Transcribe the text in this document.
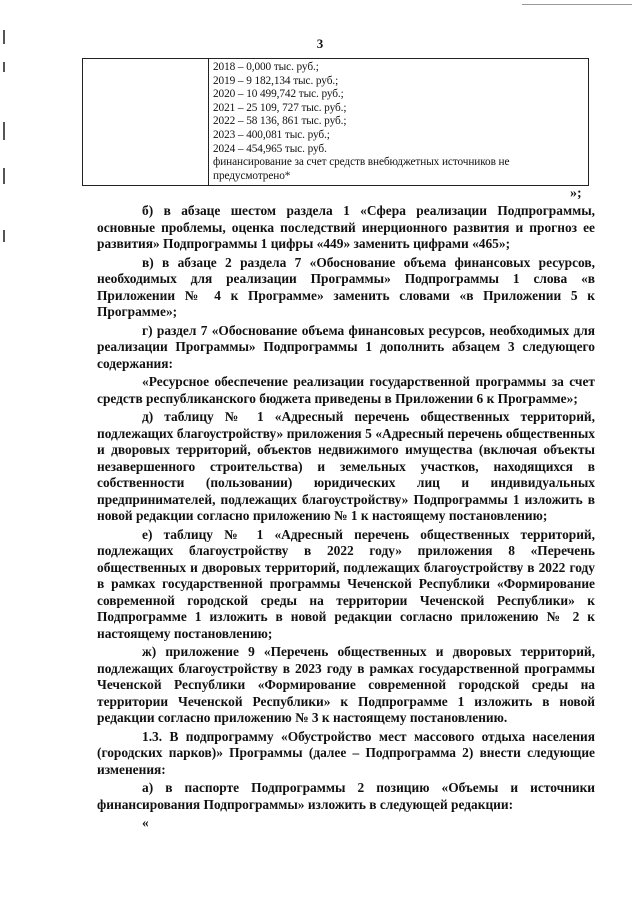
3
2018 – 0,000 тыс. руб.;
2019 – 9 182,134 тыс. руб.;
2020 – 10 499,742 тыс. руб.;
2021 – 25 109, 727 тыс. руб.;
2022 – 58 136, 861 тыс. руб.;
2023 – 400,081 тыс. руб.;
2024 – 454,965 тыс. руб.
финансирование за счет средств внебюджетных источников не
предусмотрено*
»;

б) в абзаце шестом раздела 1 «Сфера реализации Подпрограммы, основные проблемы, оценка последствий инерционного развития и прогноз ее развития» Подпрограммы 1 цифры «449» заменить цифрами «465»;

в) в абзаце 2 раздела 7 «Обоснование объема финансовых ресурсов, необходимых для реализации Программы» Подпрограммы 1 слова «в Приложении № 4 к Программе» заменить словами «в Приложении 5 к Программе»;

г) раздел 7 «Обоснование объема финансовых ресурсов, необходимых для реализации Программы» Подпрограммы 1 дополнить абзацем 3 следующего содержания:

«Ресурсное обеспечение реализации государственной программы за счет средств республиканского бюджета приведены в Приложении 6 к Программе»;

д) таблицу № 1 «Адресный перечень общественных территорий, подлежащих благоустройству» приложения 5 «Адресный перечень общественных и дворовых территорий, объектов недвижимого имущества (включая объекты незавершенного строительства) и земельных участков, находящихся в собственности (пользовании) юридических лиц и индивидуальных предпринимателей, подлежащих благоустройству» Подпрограммы 1 изложить в новой редакции согласно приложению № 1 к настоящему постановлению;

е) таблицу № 1 «Адресный перечень общественных территорий, подлежащих благоустройству в 2022 году» приложения 8 «Перечень общественных и дворовых территорий, подлежащих благоустройству в 2022 году в рамках государственной программы Чеченской Республики «Формирование современной городской среды на территории Чеченской Республики» к Подпрограмме 1 изложить в новой редакции согласно приложению № 2 к настоящему постановлению;

ж) приложение 9 «Перечень общественных и дворовых территорий, подлежащих благоустройству в 2023 году в рамках государственной программы Чеченской Республики «Формирование современной городской среды на территории Чеченской Республики» к Подпрограмме 1 изложить в новой редакции согласно приложению № 3 к настоящему постановлению.

1.3. В подпрограмму «Обустройство мест массового отдыха населения (городских парков)» Программы (далее – Подпрограмма 2) внести следующие изменения:

а) в паспорте Подпрограммы 2 позицию «Объемы и источники финансирования Подпрограммы» изложить в следующей редакции:

«
